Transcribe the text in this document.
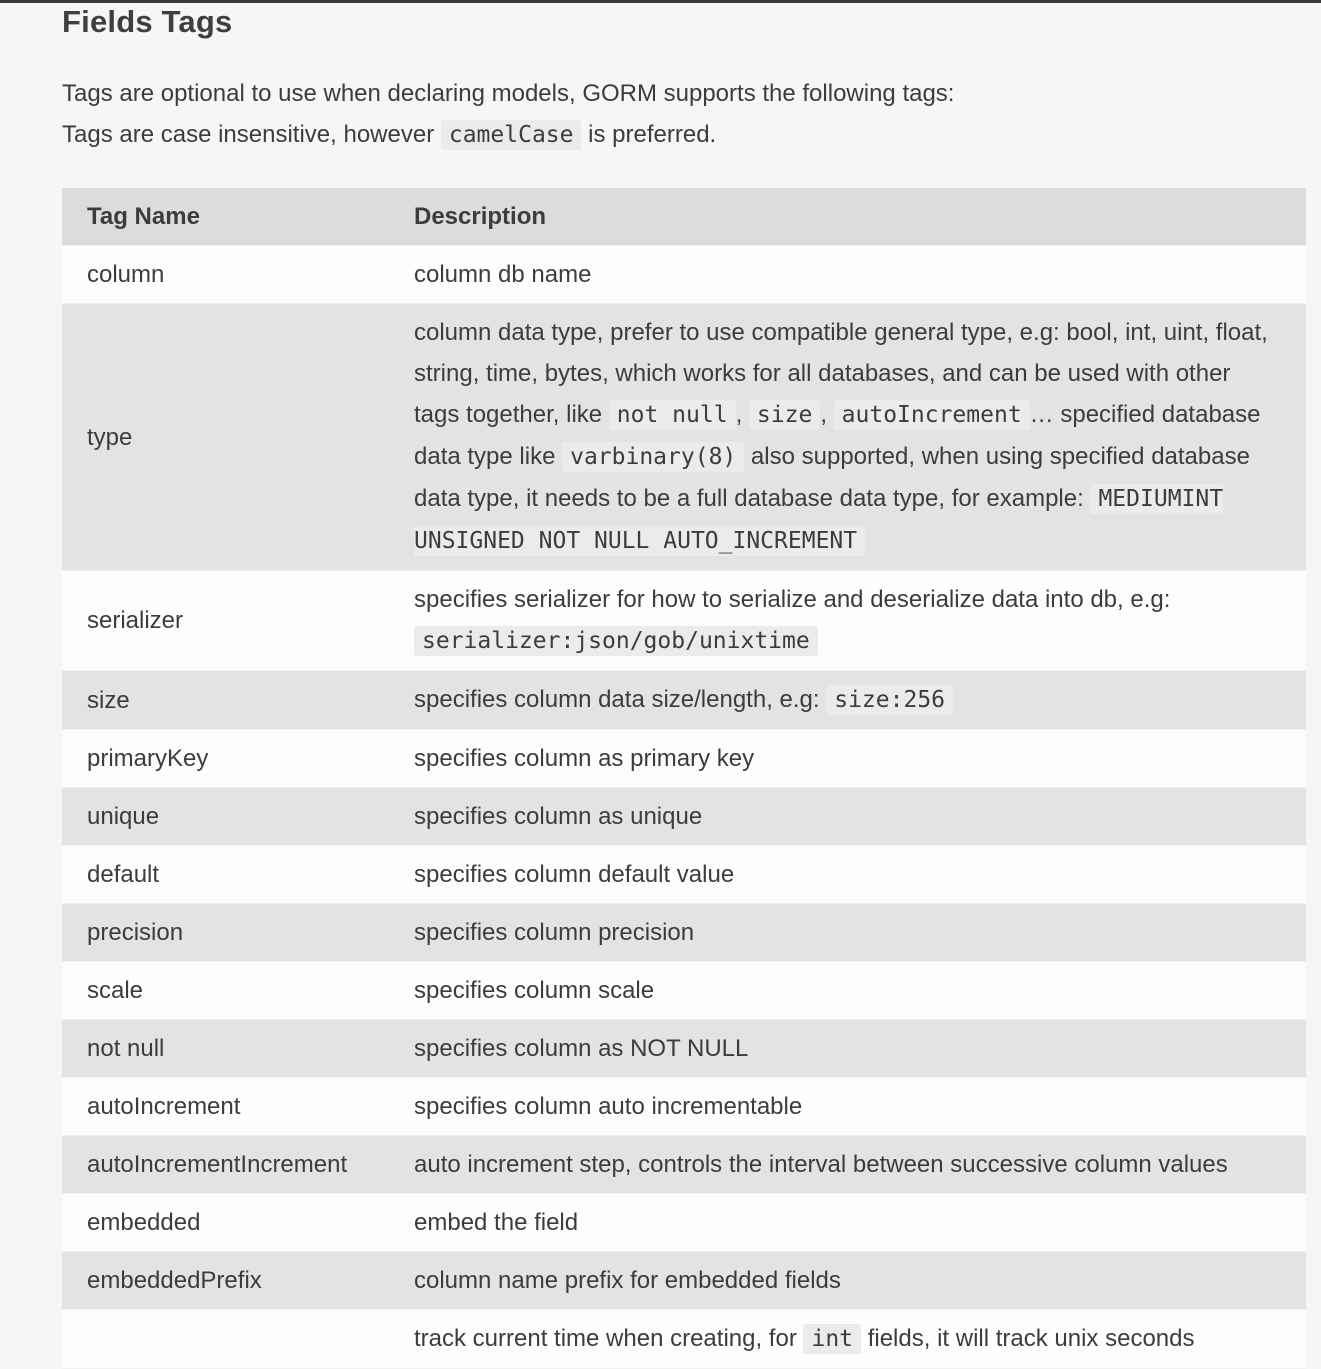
Fields Tags

Tags are optional to use when declaring models, GORM supports the following tags:

Tags are case insensitive, however camelCase is preferred.

Tag Name	Description
column	column db name
type	column data type, prefer to use compatible general type, e.g: bool, int, uint, float, string, time, bytes, which works for all databases, and can be used with other tags together, like not null , size , autoIncrement … specified database data type like varbinary(8) also supported, when using specified database data type, it needs to be a full database data type, for example: MEDIUMINT UNSIGNED NOT NULL AUTO_INCREMENT
serializer	specifies serializer for how to serialize and deserialize data into db, e.g: serializer:json/gob/unixtime
size	specifies column data size/length, e.g: size:256
primaryKey	specifies column as primary key
unique	specifies column as unique
default	specifies column default value
precision	specifies column precision
scale	specifies column scale
not null	specifies column as NOT NULL
autoIncrement	specifies column auto incrementable
autoIncrementIncrement	auto increment step, controls the interval between successive column values
embedded	embed the field
embeddedPrefix	column name prefix for embedded fields
	track current time when creating, for int fields, it will track unix seconds
